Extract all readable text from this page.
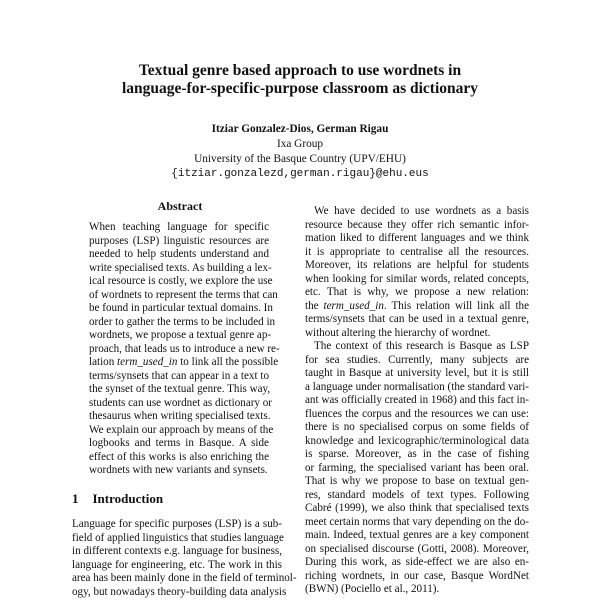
Textual genre based approach to use wordnets in
language-for-specific-purpose classroom as dictionary
Itziar Gonzalez-Dios, German Rigau
Ixa Group
University of the Basque Country (UPV/EHU)
{itziar.gonzalezd,german.rigau}@ehu.eus
Abstract
When teaching language for specific
purposes (LSP) linguistic resources are
needed to help students understand and
write specialised texts. As building a lex-
ical resource is costly, we explore the use
of wordnets to represent the terms that can
be found in particular textual domains. In
order to gather the terms to be included in
wordnets, we propose a textual genre ap-
proach, that leads us to introduce a new re-
lation term_used_in to link all the possible
terms/synsets that can appear in a text to
the synset of the textual genre. This way,
students can use wordnet as dictionary or
thesaurus when writing specialised texts.
We explain our approach by means of the
logbooks and terms in Basque. A side
effect of this works is also enriching the
wordnets with new variants and synsets.
1 Introduction
Language for specific purposes (LSP) is a sub-
field of applied linguistics that studies language
in different contexts e.g. language for business,
language for engineering, etc. The work in this
area has been mainly done in the field of terminol-
ogy, but nowadays theory-building data analysis
We have decided to use wordnets as a basis
resource because they offer rich semantic infor-
mation liked to different languages and we think
it is appropriate to centralise all the resources.
Moreover, its relations are helpful for students
when looking for similar words, related concepts,
etc. That is why, we propose a new relation:
the term_used_in. This relation will link all the
terms/synsets that can be used in a textual genre,
without altering the hierarchy of wordnet.
The context of this research is Basque as LSP
for sea studies. Currently, many subjects are
taught in Basque at university level, but it is still
a language under normalisation (the standard vari-
ant was officially created in 1968) and this fact in-
fluences the corpus and the resources we can use:
there is no specialised corpus on some fields of
knowledge and lexicographic/terminological data
is sparse. Moreover, as in the case of fishing
or farming, the specialised variant has been oral.
That is why we propose to base on textual gen-
res, standard models of text types. Following
Cabré (1999), we also think that specialised texts
meet certain norms that vary depending on the do-
main. Indeed, textual genres are a key component
on specialised discourse (Gotti, 2008). Moreover,
During this work, as side-effect we are also en-
riching wordnets, in our case, Basque WordNet
(BWN) (Pociello et al., 2011).
